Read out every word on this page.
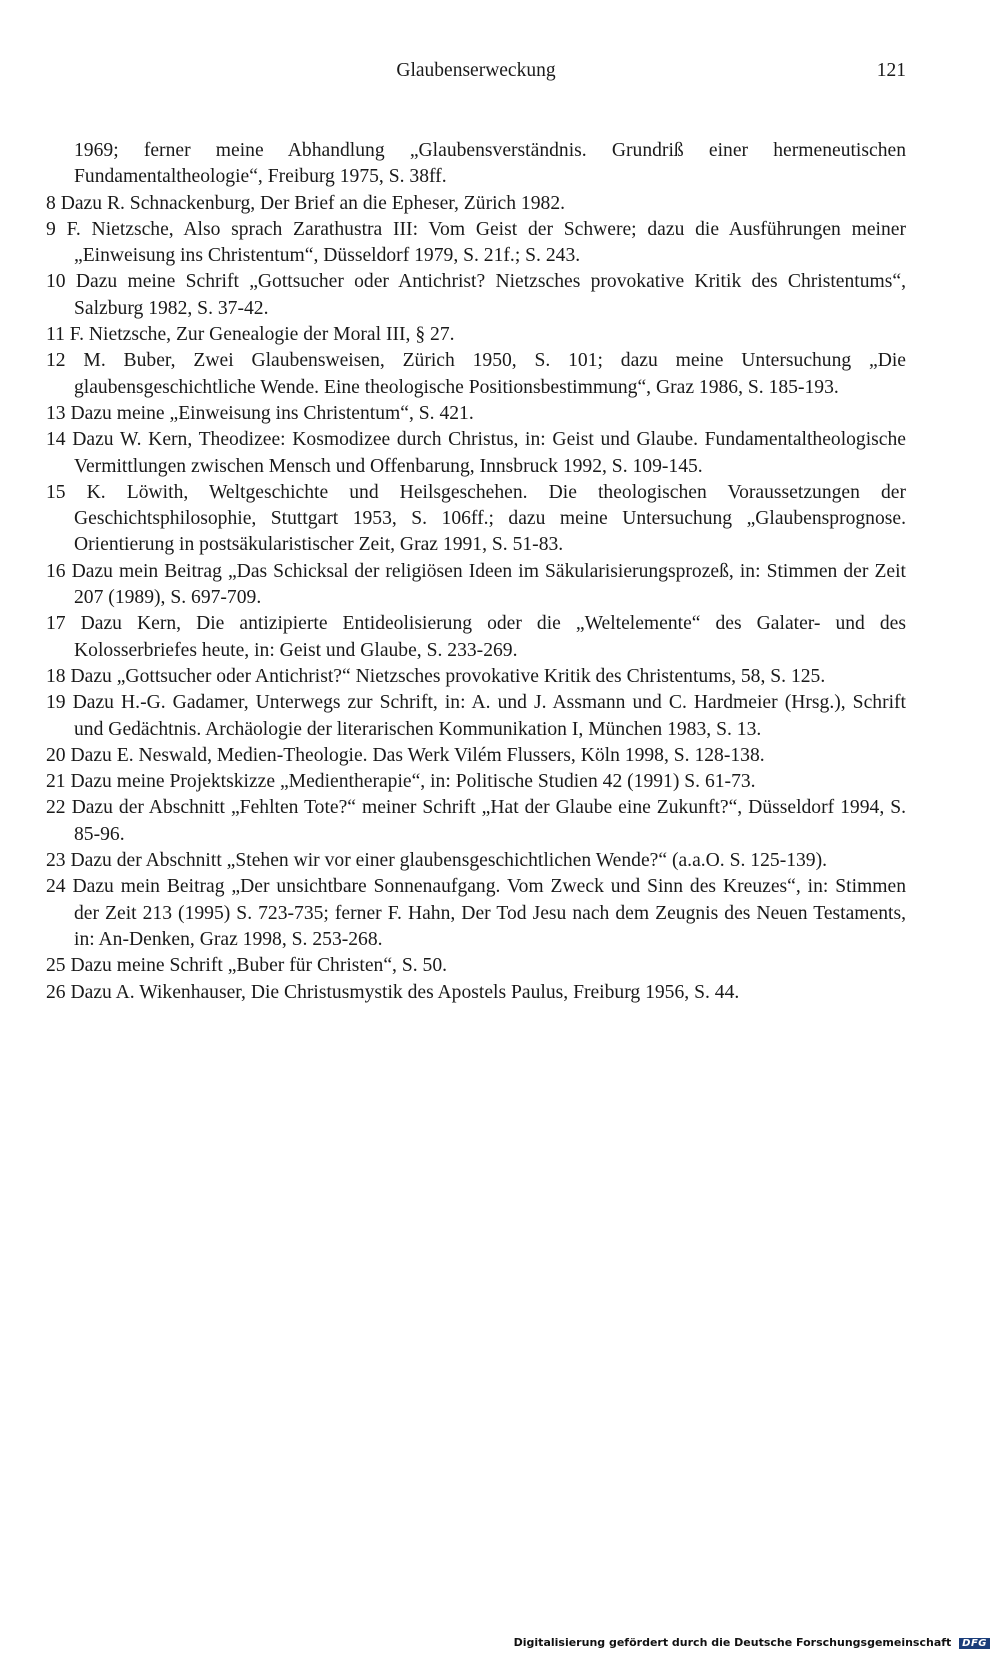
Glaubenserweckung	121

1969; ferner meine Abhandlung „Glaubensverständnis. Grundriß einer hermeneutischen Fundamentaltheologie“, Freiburg 1975, S. 38ff.

8 Dazu R. Schnackenburg, Der Brief an die Epheser, Zürich 1982.

9 F. Nietzsche, Also sprach Zarathustra III: Vom Geist der Schwere; dazu die Ausführungen meiner „Einweisung ins Christentum“, Düsseldorf 1979, S. 21f.; S. 243.

10 Dazu meine Schrift „Gottsucher oder Antichrist? Nietzsches provokative Kritik des Christentums“, Salzburg 1982, S. 37-42.

11 F. Nietzsche, Zur Genealogie der Moral III, § 27.

12 M. Buber, Zwei Glaubensweisen, Zürich 1950, S. 101; dazu meine Untersuchung „Die glaubensgeschichtliche Wende. Eine theologische Positionsbestimmung“, Graz 1986, S. 185-193.

13 Dazu meine „Einweisung ins Christentum“, S. 421.

14 Dazu W. Kern, Theodizee: Kosmodizee durch Christus, in: Geist und Glaube. Fundamentaltheologische Vermittlungen zwischen Mensch und Offenbarung, Innsbruck 1992, S. 109-145.

15 K. Löwith, Weltgeschichte und Heilsgeschehen. Die theologischen Voraussetzungen der Geschichtsphilosophie, Stuttgart 1953, S. 106ff.; dazu meine Untersuchung „Glaubensprognose. Orientierung in postsäkularistischer Zeit, Graz 1991, S. 51-83.

16 Dazu mein Beitrag „Das Schicksal der religiösen Ideen im Säkularisierungsprozeß, in: Stimmen der Zeit 207 (1989), S. 697-709.

17 Dazu Kern, Die antizipierte Entideolisierung oder die „Weltelemente“ des Galater- und des Kolosserbriefes heute, in: Geist und Glaube, S. 233-269.

18 Dazu „Gottsucher oder Antichrist?“ Nietzsches provokative Kritik des Christentums, 58, S. 125.

19 Dazu H.-G. Gadamer, Unterwegs zur Schrift, in: A. und J. Assmann und C. Hardmeier (Hrsg.), Schrift und Gedächtnis. Archäologie der literarischen Kommunikation I, München 1983, S. 13.

20 Dazu E. Neswald, Medien-Theologie. Das Werk Vilém Flussers, Köln 1998, S. 128-138.

21 Dazu meine Projektskizze „Medientherapie“, in: Politische Studien 42 (1991) S. 61-73.

22 Dazu der Abschnitt „Fehlten Tote?“ meiner Schrift „Hat der Glaube eine Zukunft?“, Düsseldorf 1994, S. 85-96.

23 Dazu der Abschnitt „Stehen wir vor einer glaubensgeschichtlichen Wende?“ (a.a.O. S. 125-139).

24 Dazu mein Beitrag „Der unsichtbare Sonnenaufgang. Vom Zweck und Sinn des Kreuzes“, in: Stimmen der Zeit 213 (1995) S. 723-735; ferner F. Hahn, Der Tod Jesu nach dem Zeugnis des Neuen Testaments, in: An-Denken, Graz 1998, S. 253-268.

25 Dazu meine Schrift „Buber für Christen“, S. 50.

26 Dazu A. Wikenhauser, Die Christusmystik des Apostels Paulus, Freiburg 1956, S. 44.

Digitalisierung gefördert durch die Deutsche Forschungsgemeinschaft DFG
